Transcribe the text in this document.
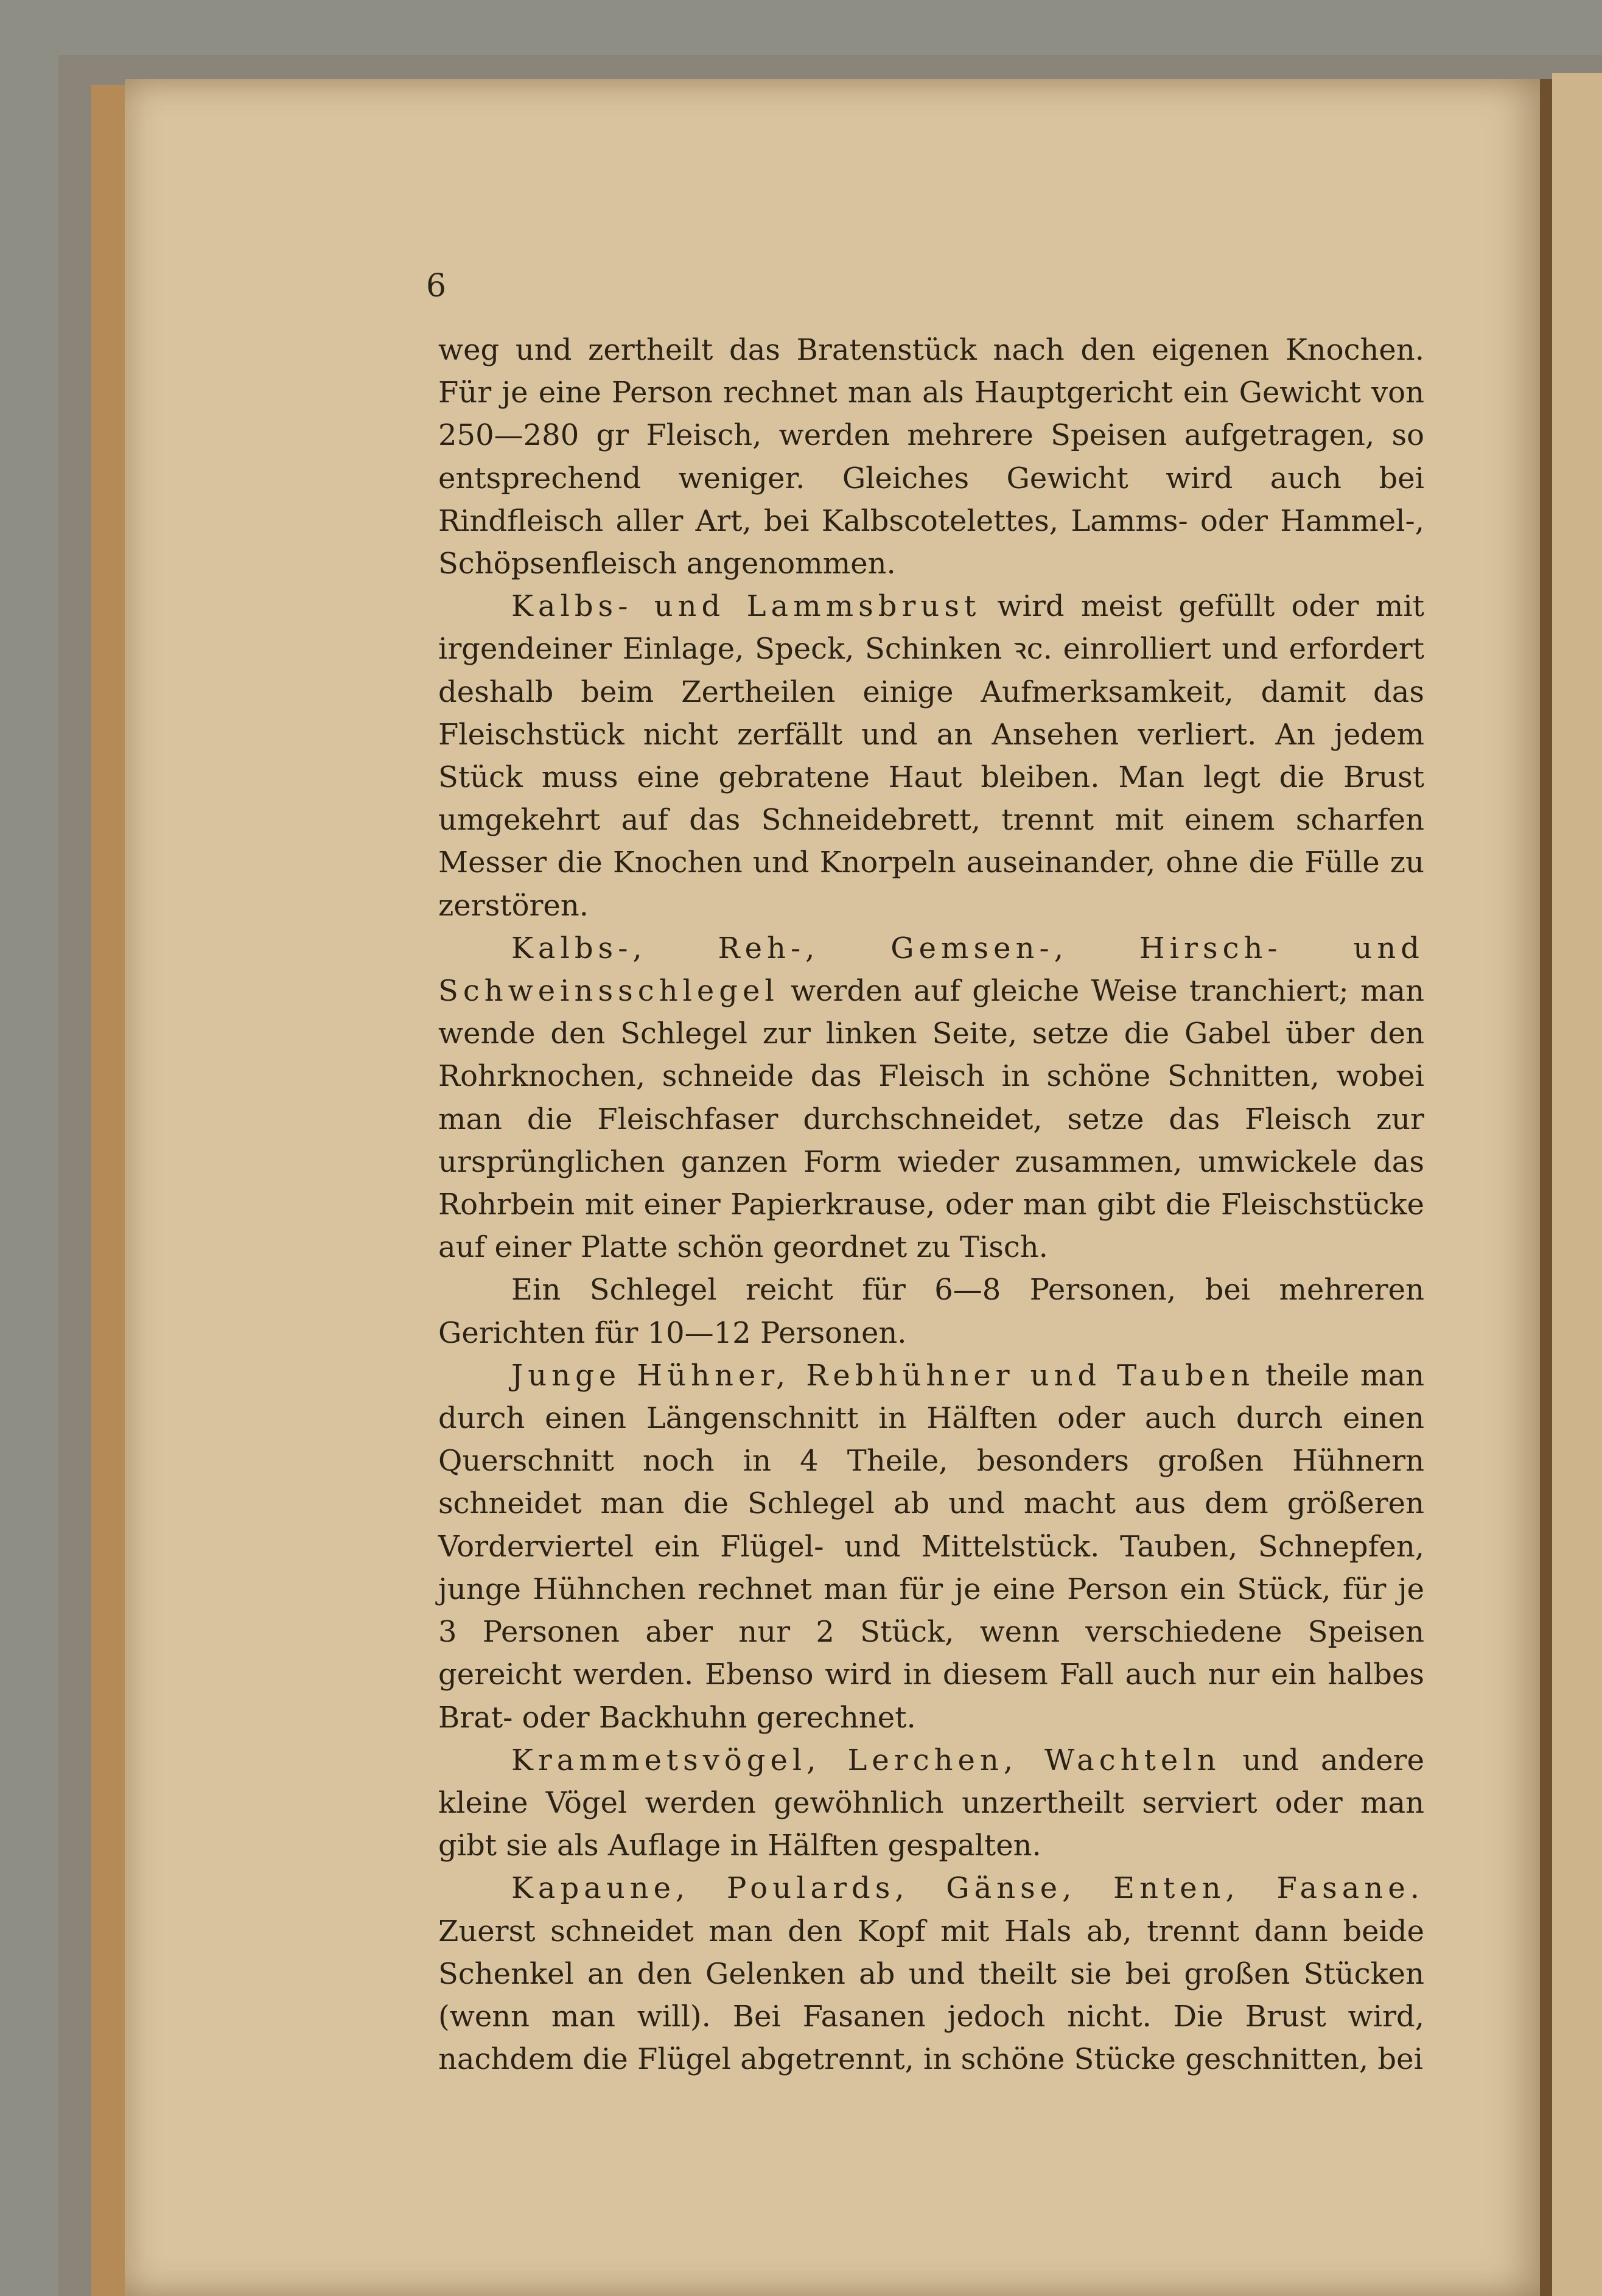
6

weg und zertheilt das Bratenstück nach den eigenen Knochen. Für je eine Person rechnet man als Hauptgericht ein Gewicht von 250—280 gr Fleisch, werden mehrere Speisen aufgetragen, so entsprechend weniger. Gleiches Gewicht wird auch bei Rindfleisch aller Art, bei Kalbscotelettes, Lamms- oder Hammel-, Schöpsenfleisch angenommen.

Kalbs- und Lammsbrust wird meist gefüllt oder mit irgendeiner Einlage, Speck, Schinken ꝛc. einrolliert und erfordert deshalb beim Zertheilen einige Aufmerksamkeit, damit das Fleischstück nicht zerfällt und an Ansehen verliert. An jedem Stück muss eine gebratene Haut bleiben. Man legt die Brust umgekehrt auf das Schneidebrett, trennt mit einem scharfen Messer die Knochen und Knorpeln auseinander, ohne die Fülle zu zerstören.

Kalbs-, Reh-, Gemsen-, Hirsch- und Schweinsschlegel werden auf gleiche Weise tranchiert; man wende den Schlegel zur linken Seite, setze die Gabel über den Rohrknochen, schneide das Fleisch in schöne Schnitten, wobei man die Fleischfaser durchschneidet, setze das Fleisch zur ursprünglichen ganzen Form wieder zusammen, umwickele das Rohrbein mit einer Papierkrause, oder man gibt die Fleischstücke auf einer Platte schön geordnet zu Tisch.

Ein Schlegel reicht für 6—8 Personen, bei mehreren Gerichten für 10—12 Personen.

Junge Hühner, Rebhühner und Tauben theile man durch einen Längenschnitt in Hälften oder auch durch einen Querschnitt noch in 4 Theile, besonders großen Hühnern schneidet man die Schlegel ab und macht aus dem größeren Vorderviertel ein Flügel- und Mittelstück. Tauben, Schnepfen, junge Hühnchen rechnet man für je eine Person ein Stück, für je 3 Personen aber nur 2 Stück, wenn verschiedene Speisen gereicht werden. Ebenso wird in diesem Fall auch nur ein halbes Brat- oder Backhuhn gerechnet.

Krammetsvögel, Lerchen, Wachteln und andere kleine Vögel werden gewöhnlich unzertheilt serviert oder man gibt sie als Auflage in Hälften gespalten.

Kapaune, Poulards, Gänse, Enten, Fasane. Zuerst schneidet man den Kopf mit Hals ab, trennt dann beide Schenkel an den Gelenken ab und theilt sie bei großen Stücken (wenn man will). Bei Fasanen jedoch nicht. Die Brust wird, nachdem die Flügel abgetrennt, in schöne Stücke geschnitten, bei
